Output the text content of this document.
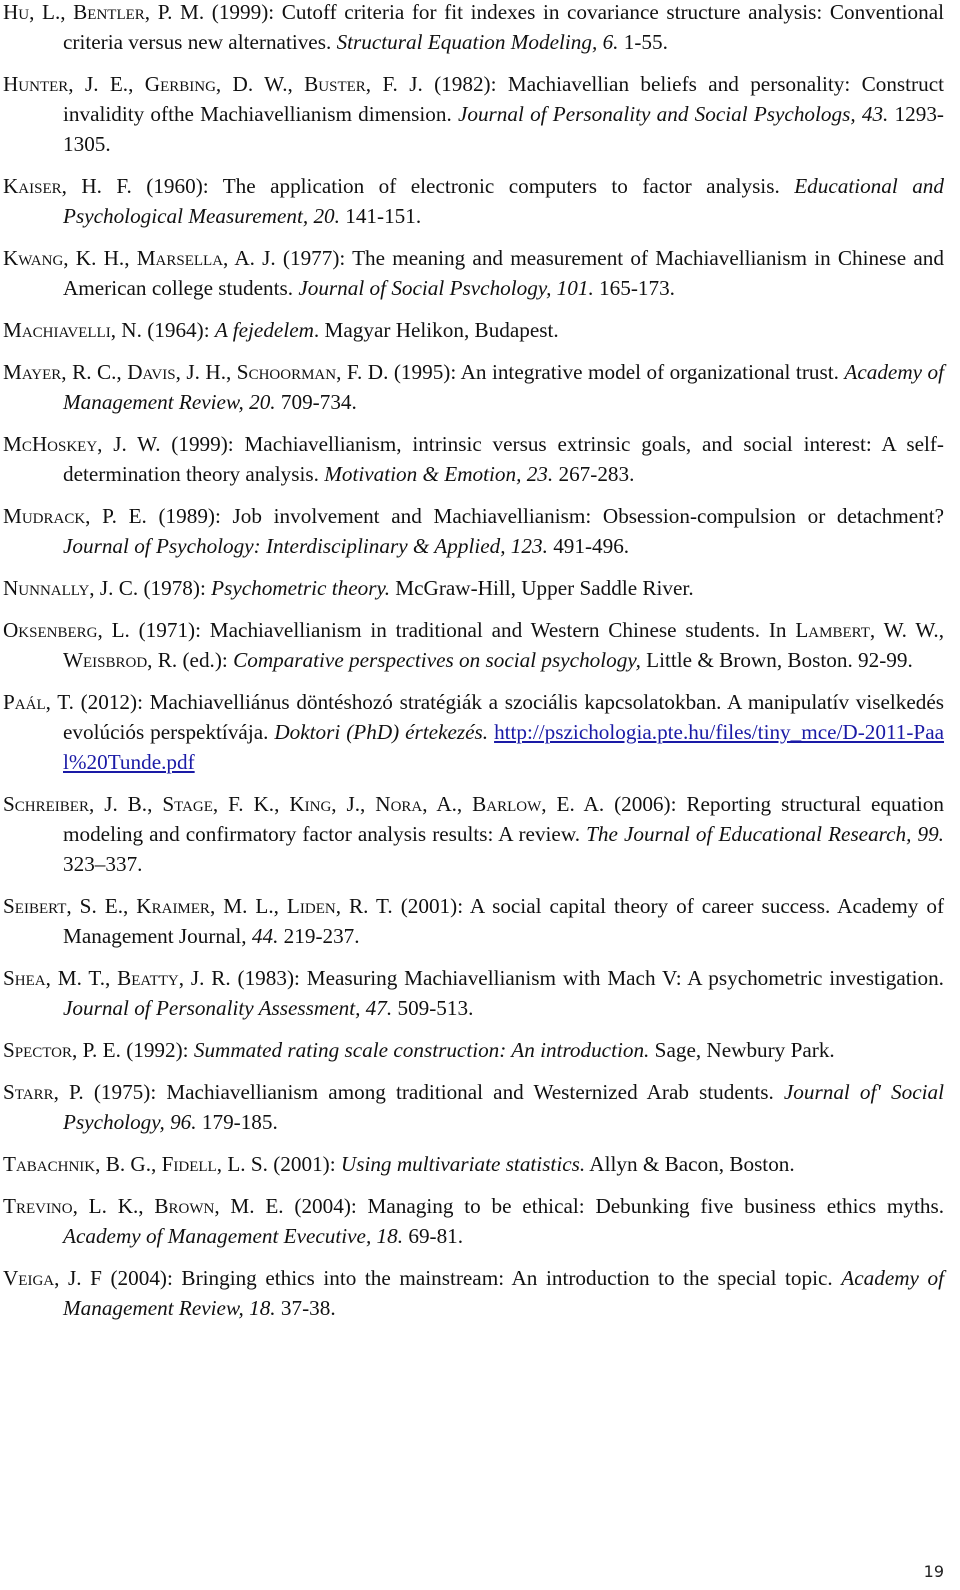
Hu, L., Bentler, P. M. (1999): Cutoff criteria for fit indexes in covariance structure analysis: Conventional criteria versus new alternatives. Structural Equation Modeling, 6. 1-55.

Hunter, J. E., Gerbing, D. W., Buster, F. J. (1982): Machiavellian beliefs and personality: Construct invalidity ofthe Machiavellianism dimension. Journal of Personality and Social Psychologs, 43. 1293-1305.

Kaiser, H. F. (1960): The application of electronic computers to factor analysis. Educational and Psychological Measurement, 20. 141-151.

Kwang, K. H., Marsella, A. J. (1977): The meaning and measurement of Machiavellianism in Chinese and American college students. Journal of Social Psvchology, 101. 165-173.

Machiavelli, N. (1964): A fejedelem. Magyar Helikon, Budapest.

Mayer, R. C., Davis, J. H., Schoorman, F. D. (1995): An integrative model of organizational trust. Academy of Management Review, 20. 709-734.

McHoskey, J. W. (1999): Machiavellianism, intrinsic versus extrinsic goals, and social interest: A self-determination theory analysis. Motivation & Emotion, 23. 267-283.

Mudrack, P. E. (1989): Job involvement and Machiavellianism: Obsession-compulsion or detachment? Journal of Psychology: Interdisciplinary & Applied, 123. 491-496.

Nunnally, J. C. (1978): Psychometric theory. McGraw-Hill, Upper Saddle River.

Oksenberg, L. (1971): Machiavellianism in traditional and Western Chinese students. In Lambert, W. W., Weisbrod, R. (ed.): Comparative perspectives on social psychology, Little & Brown, Boston. 92-99.

Paál, T. (2012): Machiavelliánus döntéshozó stratégiák a szociális kapcsolatokban. A manipulatív viselkedés evolúciós perspektívája. Doktori (PhD) értekezés. http://pszichologia.pte.hu/files/tiny_mce/D-2011-Paal%20Tunde.pdf

Schreiber, J. B., Stage, F. K., King, J., Nora, A., Barlow, E. A. (2006): Reporting structural equation modeling and confirmatory factor analysis results: A review. The Journal of Educational Research, 99. 323–337.

Seibert, S. E., Kraimer, M. L., Liden, R. T. (2001): A social capital theory of career success. Academy of Management Journal, 44. 219-237.

Shea, M. T., Beatty, J. R. (1983): Measuring Machiavellianism with Mach V: A psychometric investigation. Journal of Personality Assessment, 47. 509-513.

Spector, P. E. (1992): Summated rating scale construction: An introduction. Sage, Newbury Park.

Starr, P. (1975): Machiavellianism among traditional and Westernized Arab students. Journal of' Social Psychology, 96. 179-185.

Tabachnik, B. G., Fidell, L. S. (2001): Using multivariate statistics. Allyn & Bacon, Boston.

Trevino, L. K., Brown, M. E. (2004): Managing to be ethical: Debunking five business ethics myths. Academy of Management Evecutive, 18. 69-81.

Veiga, J. F (2004): Bringing ethics into the mainstream: An introduction to the special topic. Academy of Management Review, 18. 37-38.

19
